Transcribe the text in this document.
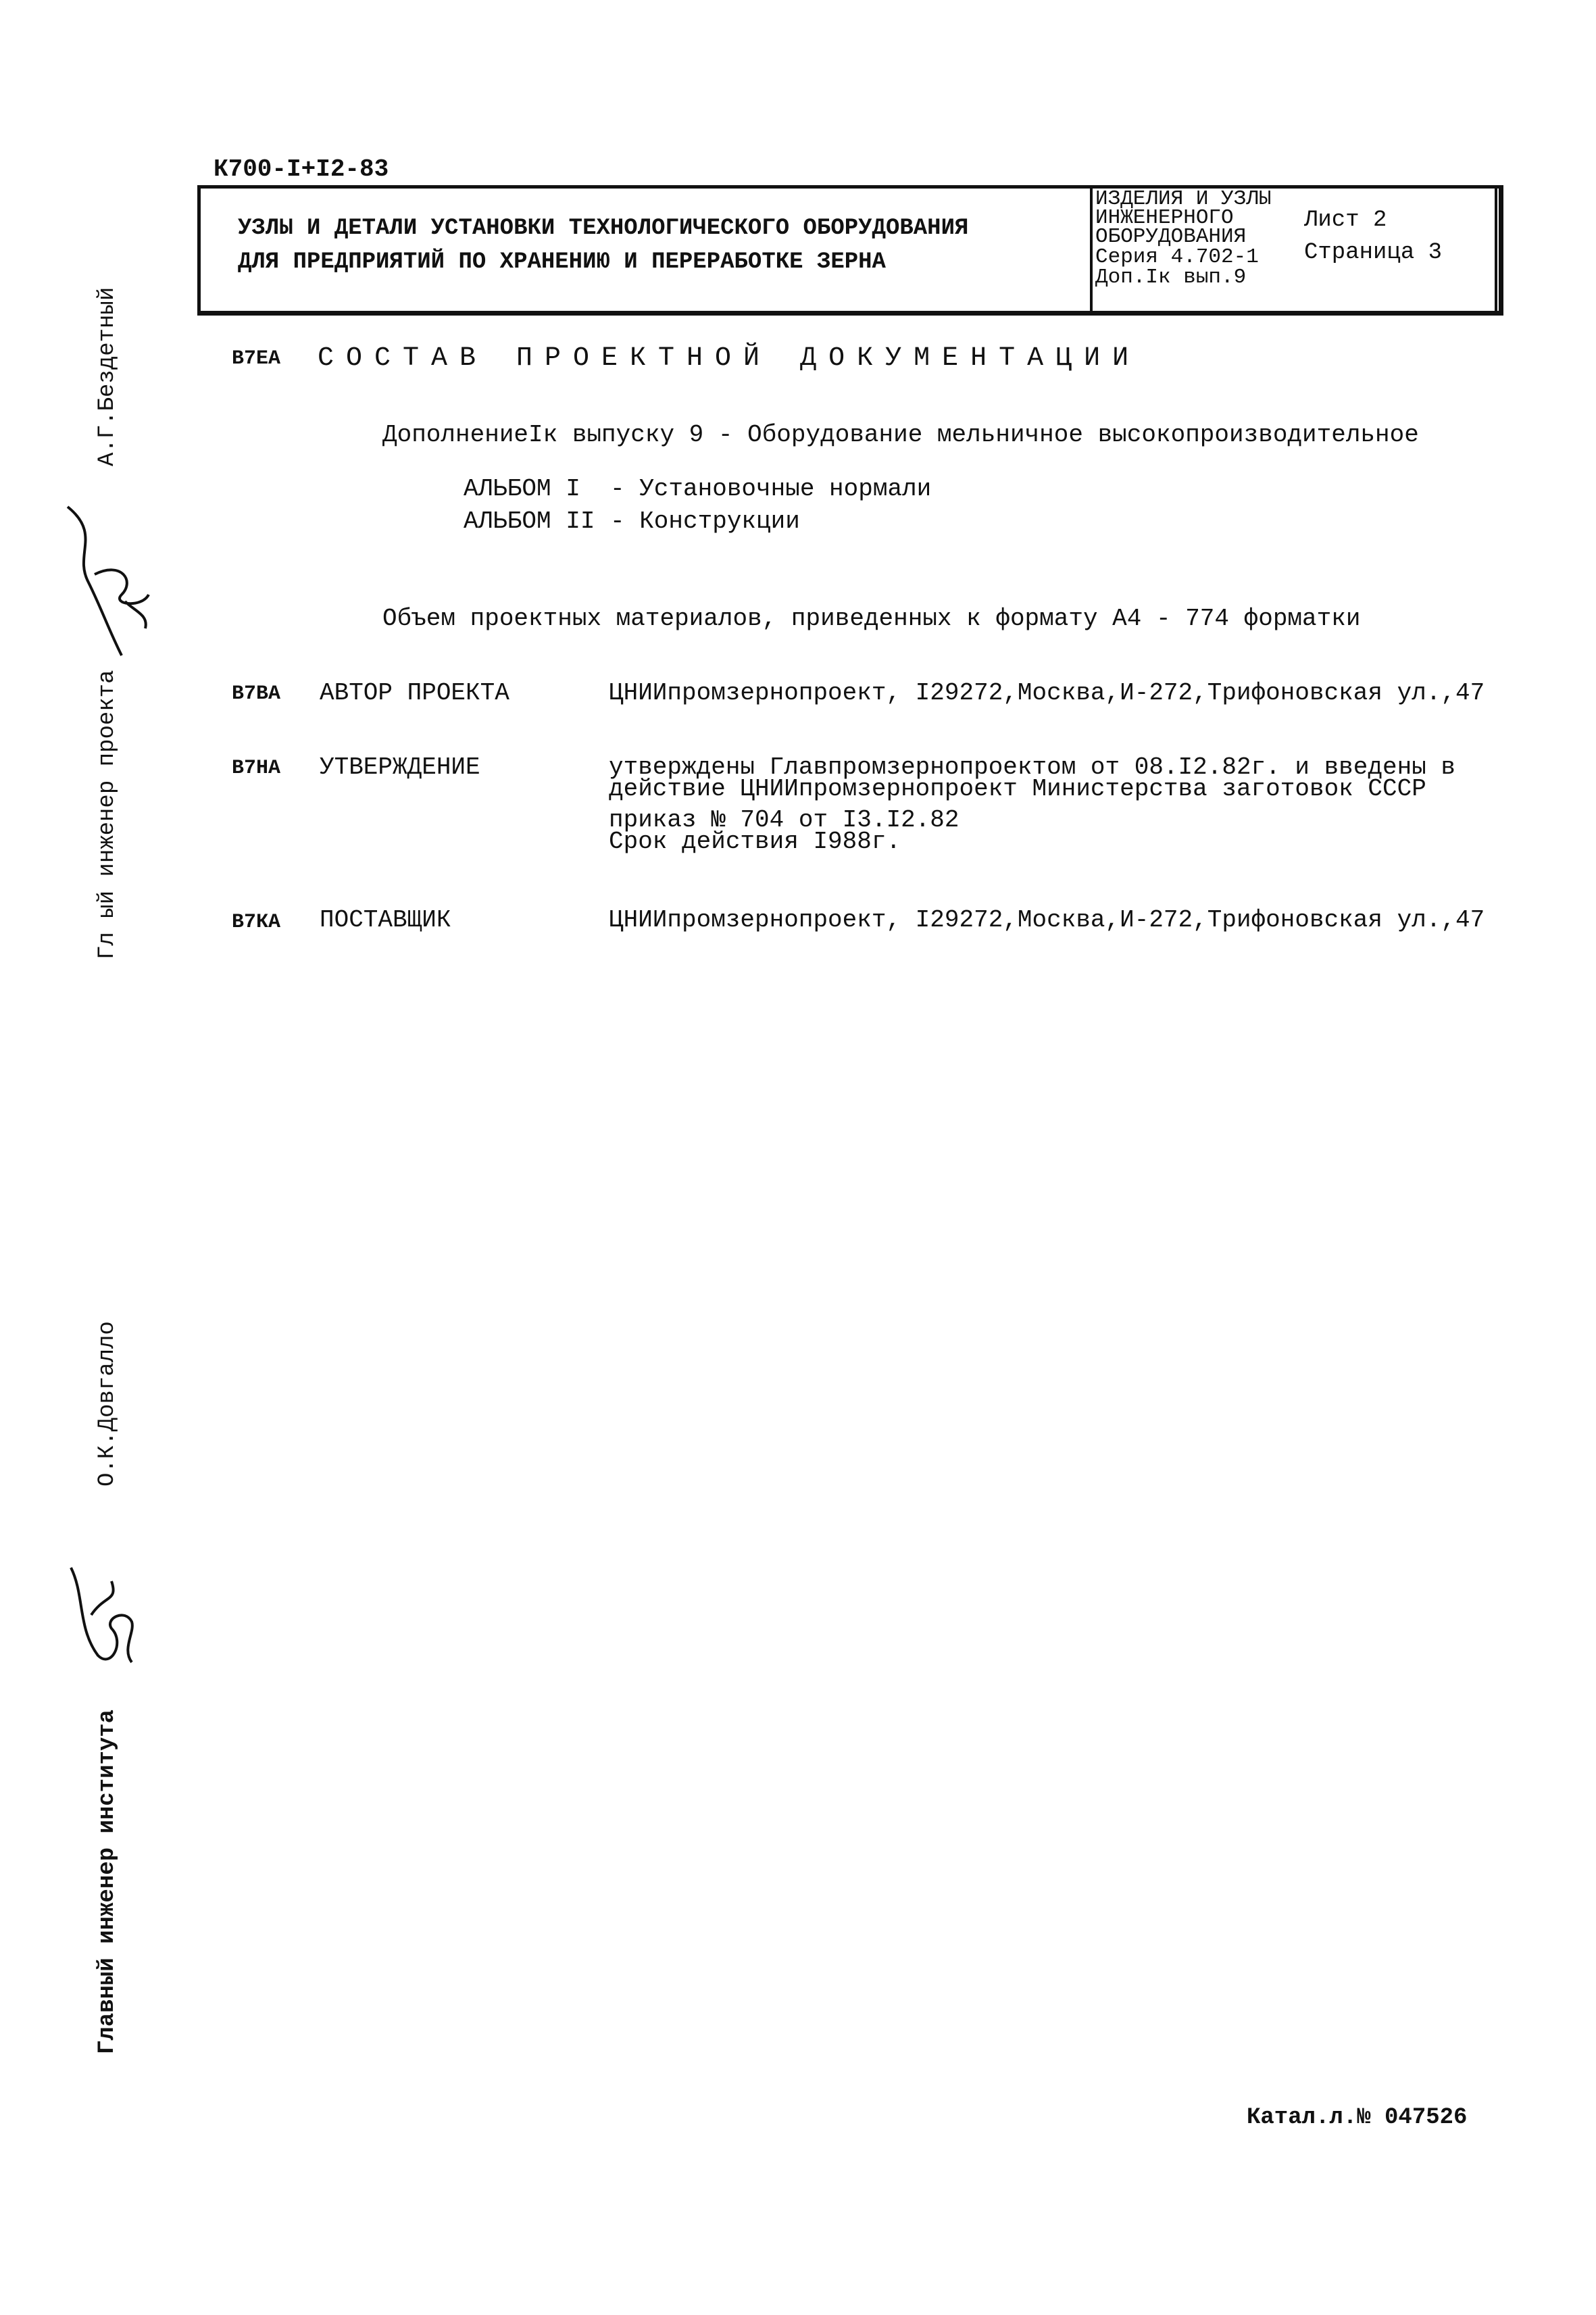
К700-I+I2-83
УЗЛЫ И ДЕТАЛИ УСТАНОВКИ ТЕХНОЛОГИЧЕСКОГО ОБОРУДОВАНИЯ
ДЛЯ ПРЕДПРИЯТИЙ ПО ХРАНЕНИЮ И ПЕРЕРАБОТКЕ ЗЕРНА
ИЗДЕЛИЯ И УЗЛЫ
ИНЖЕНЕРНОГО
ОБОРУДОВАНИЯ
Серия 4.702-1
Доп.Iк вып.9
Лист 2
Страница 3
В7ЕА СОСТАВ ПРОЕКТНОЙ ДОКУМЕНТАЦИИ
ДополнениеIк выпуску 9 - Оборудование мельничное высокопроизводительное
АЛЬБОМ I - Установочные нормали
АЛЬБОМ II - Конструкции
Объем проектных материалов, приведенных к формату А4 - 774 форматки
В7ВА АВТОР ПРОЕКТА	ЦНИИпромзернопроект, I29272,Москва,И-272,Трифоновская ул.,47
В7НА УТВЕРЖДЕНИЕ	утверждены Главпромзернопроектом от 08.I2.82г. и введены в
действие ЦНИИпромзернопроект Министерства заготовок СССР
приказ № 704 от I3.I2.82
Срок действия I988г.
В7КА ПОСТАВЩИК	ЦНИИпромзернопроект, I29272,Москва,И-272,Трифоновская ул.,47
А.Г.Бездетный
Гл ый инженер проекта
О.К.Довгалло
Главный инженер института
Катал.л.№ 047526
